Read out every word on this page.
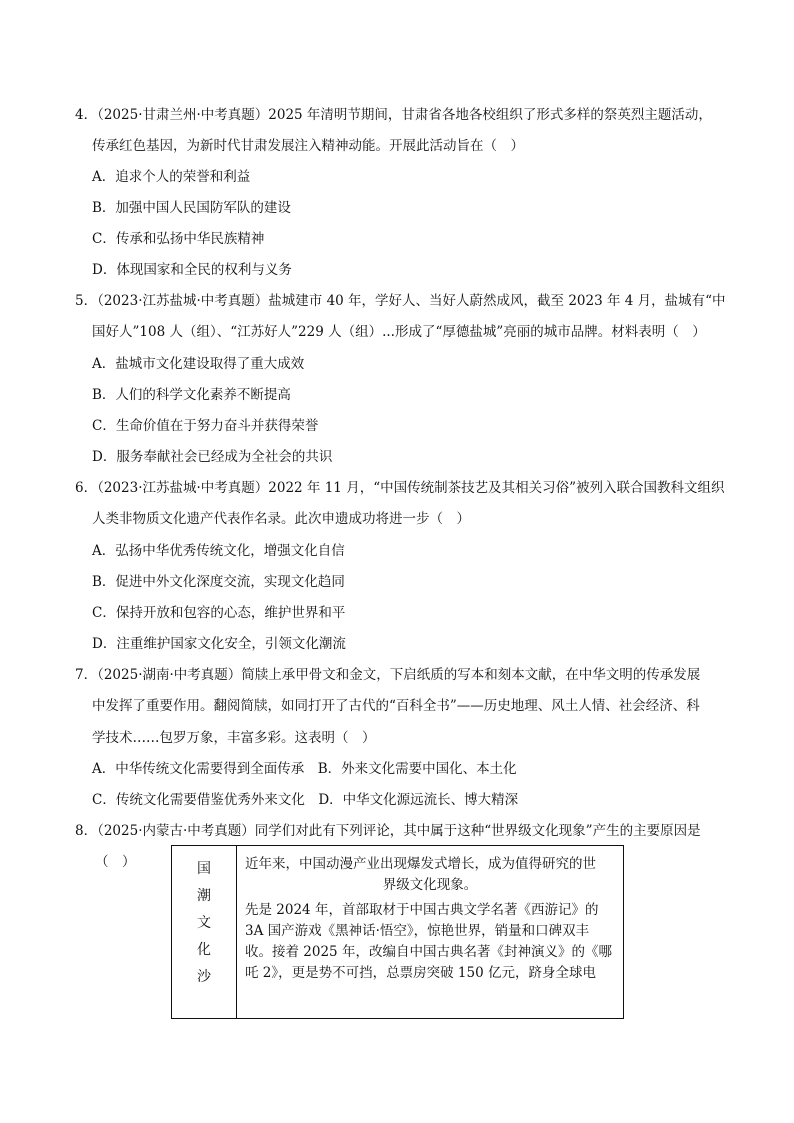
4．（2025·甘肃兰州·中考真题）2025 年清明节期间，甘肃省各地各校组织了形式多样的祭英烈主题活动，
传承红色基因，为新时代甘肃发展注入精神动能。开展此活动旨在（　）
A．追求个人的荣誉和利益
B．加强中国人民国防军队的建设
C．传承和弘扬中华民族精神
D．体现国家和全民的权利与义务
5．（2023·江苏盐城·中考真题）盐城建市 40 年，学好人、当好人蔚然成风，截至 2023 年 4 月，盐城有“中
国好人”108 人（组）、“江苏好人”229 人（组）...形成了“厚德盐城”亮丽的城市品牌。材料表明（　）
A．盐城市文化建设取得了重大成效
B．人们的科学文化素养不断提高
C．生命价值在于努力奋斗并获得荣誉
D．服务奉献社会已经成为全社会的共识
6．（2023·江苏盐城·中考真题）2022 年 11 月，“中国传统制茶技艺及其相关习俗”被列入联合国教科文组织
人类非物质文化遗产代表作名录。此次申遗成功将进一步（　）
A．弘扬中华优秀传统文化，增强文化自信
B．促进中外文化深度交流，实现文化趋同
C．保持开放和包容的心态，维护世界和平
D．注重维护国家文化安全，引领文化潮流
7．（2025·湖南·中考真题）简牍上承甲骨文和金文，下启纸质的写本和刻本文献，在中华文明的传承发展
中发挥了重要作用。翻阅简牍，如同打开了古代的“百科全书”——历史地理、风土人情、社会经济、科
学技术……包罗万象，丰富多彩。这表明（　）
A．中华传统文化需要得到全面传承　B．外来文化需要中国化、本土化
C．传统文化需要借鉴优秀外来文化　D．中华文化源远流长、博大精深
8．（2025·内蒙古·中考真题）同学们对此有下列评论，其中属于这种“世界级文化现象”产生的主要原因是
（　）	国
潮
文
化
沙

近年来，中国动漫产业出现爆发式增长，成为值得研究的世
界级文化现象。
先是 2024 年，首部取材于中国古典文学名著《西游记》的
3A 国产游戏《黑神话·悟空》，惊艳世界，销量和口碑双丰
收。接着 2025 年，改编自中国古典名著《封神演义》的《哪
吒 2》，更是势不可挡，总票房突破 150 亿元，跻身全球电
